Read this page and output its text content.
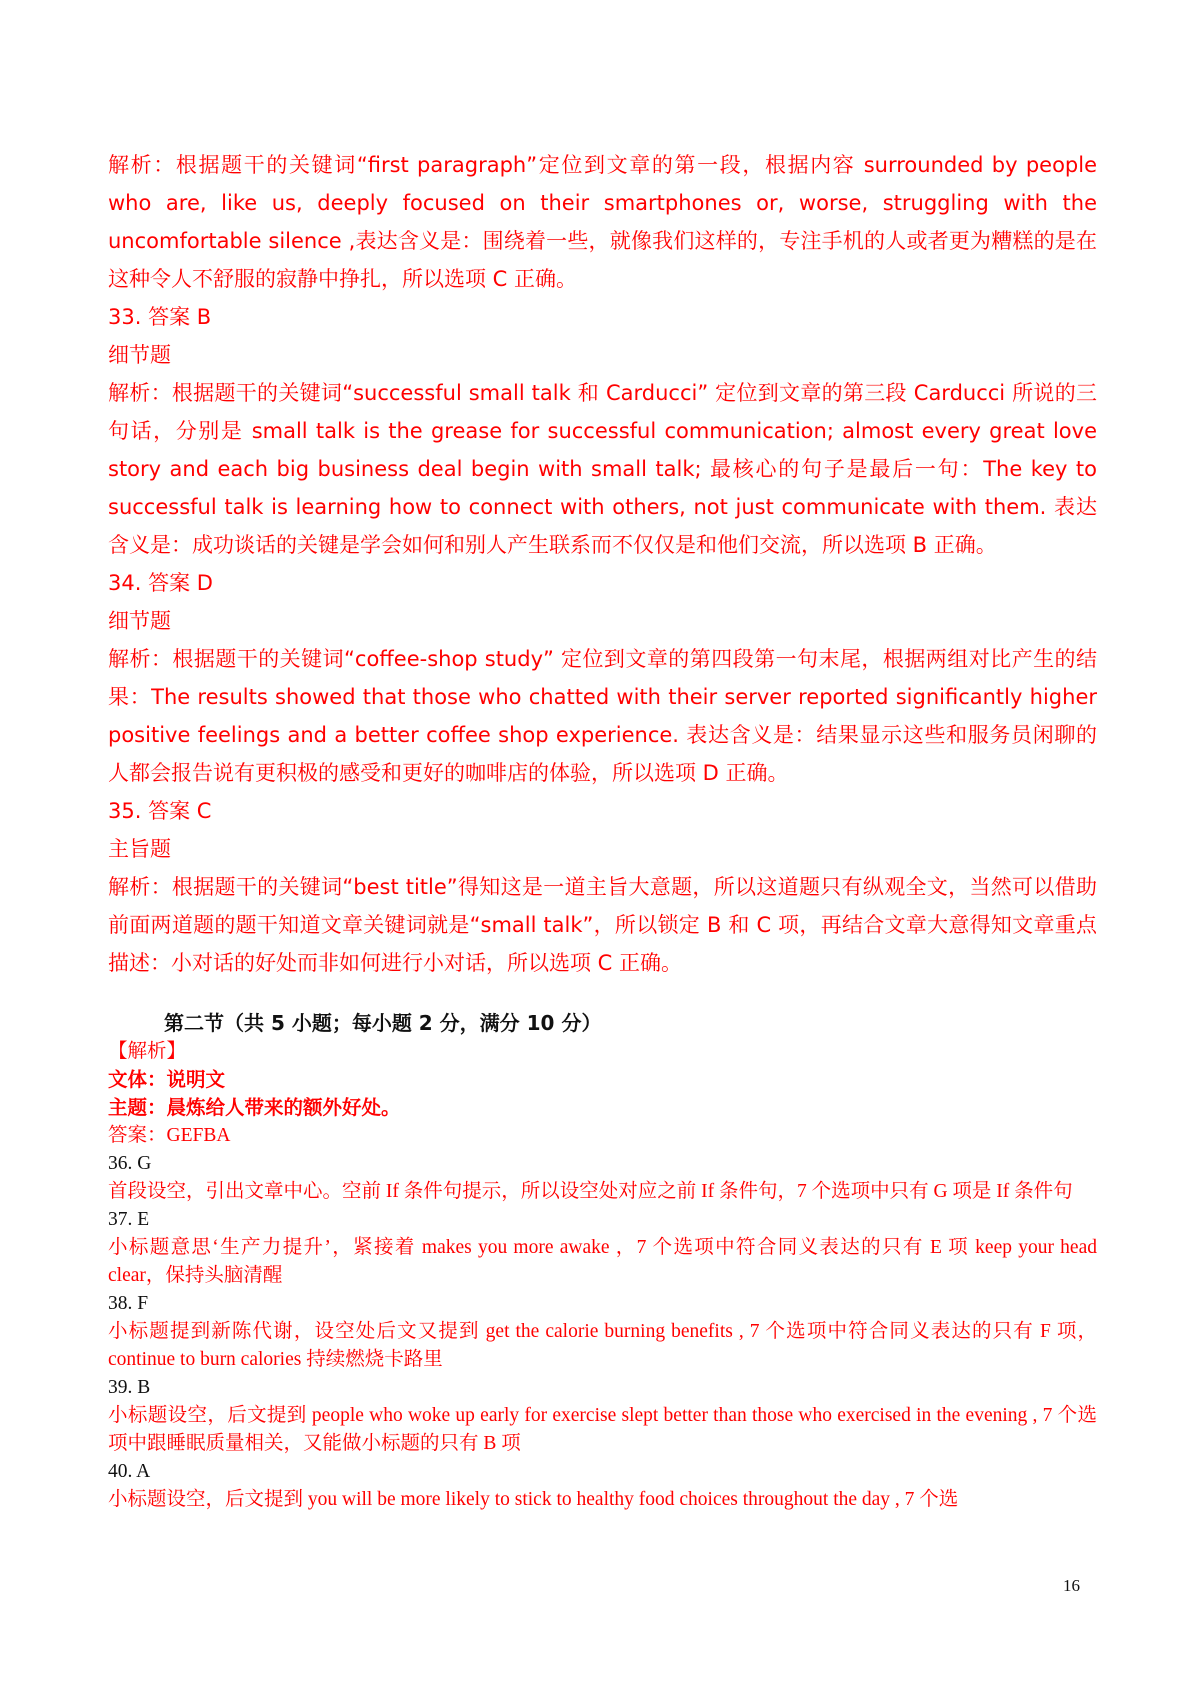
解析：根据题干的关键词“first paragraph”定位到文章的第一段，根据内容 surrounded by people who are, like us, deeply focused on their smartphones or, worse, struggling with the uncomfortable silence ,表达含义是：围绕着一些，就像我们这样的，专注手机的人或者更为糟糕的是在这种令人不舒服的寂静中挣扎，所以选项 C 正确。

33. 答案 B

细节题

解析：根据题干的关键词“successful small talk 和 Carducci” 定位到文章的第三段 Carducci 所说的三句话，分别是 small talk is the grease for successful communication; almost every great love story and each big business deal begin with small talk; 最核心的句子是最后一句：The key to successful talk is learning how to connect with others, not just communicate with them. 表达含义是：成功谈话的关键是学会如何和别人产生联系而不仅仅是和他们交流，所以选项 B 正确。

34. 答案 D

细节题

解析：根据题干的关键词“coffee-shop study” 定位到文章的第四段第一句末尾，根据两组对比产生的结果：The results showed that those who chatted with their server reported significantly higher positive feelings and a better coffee shop experience. 表达含义是：结果显示这些和服务员闲聊的人都会报告说有更积极的感受和更好的咖啡店的体验，所以选项 D 正确。

35. 答案 C

主旨题

解析：根据题干的关键词“best title”得知这是一道主旨大意题，所以这道题只有纵观全文，当然可以借助前面两道题的题干知道文章关键词就是“small talk”，所以锁定 B 和 C 项，再结合文章大意得知文章重点描述：小对话的好处而非如何进行小对话，所以选项 C 正确。

第二节（共 5 小题；每小题 2 分，满分 10 分）

【解析】

文体：说明文

主题：晨炼给人带来的额外好处。

答案：GEFBA

36. G

首段设空，引出文章中心。空前 If 条件句提示，所以设空处对应之前 If 条件句，7 个选项中只有 G 项是 If 条件句

37. E

小标题意思‘生产力提升’，紧接着 makes you more awake ，7 个选项中符合同义表达的只有 E 项 keep your head clear，保持头脑清醒

38. F

小标题提到新陈代谢，设空处后文又提到 get the calorie burning benefits , 7 个选项中符合同义表达的只有 F 项，continue to burn calories 持续燃烧卡路里

39. B

小标题设空，后文提到 people who woke up early for exercise slept better than those who exercised in the evening , 7 个选项中跟睡眠质量相关，又能做小标题的只有 B 项

40. A

小标题设空，后文提到 you will be more likely to stick to healthy food choices throughout the day , 7 个选

16
